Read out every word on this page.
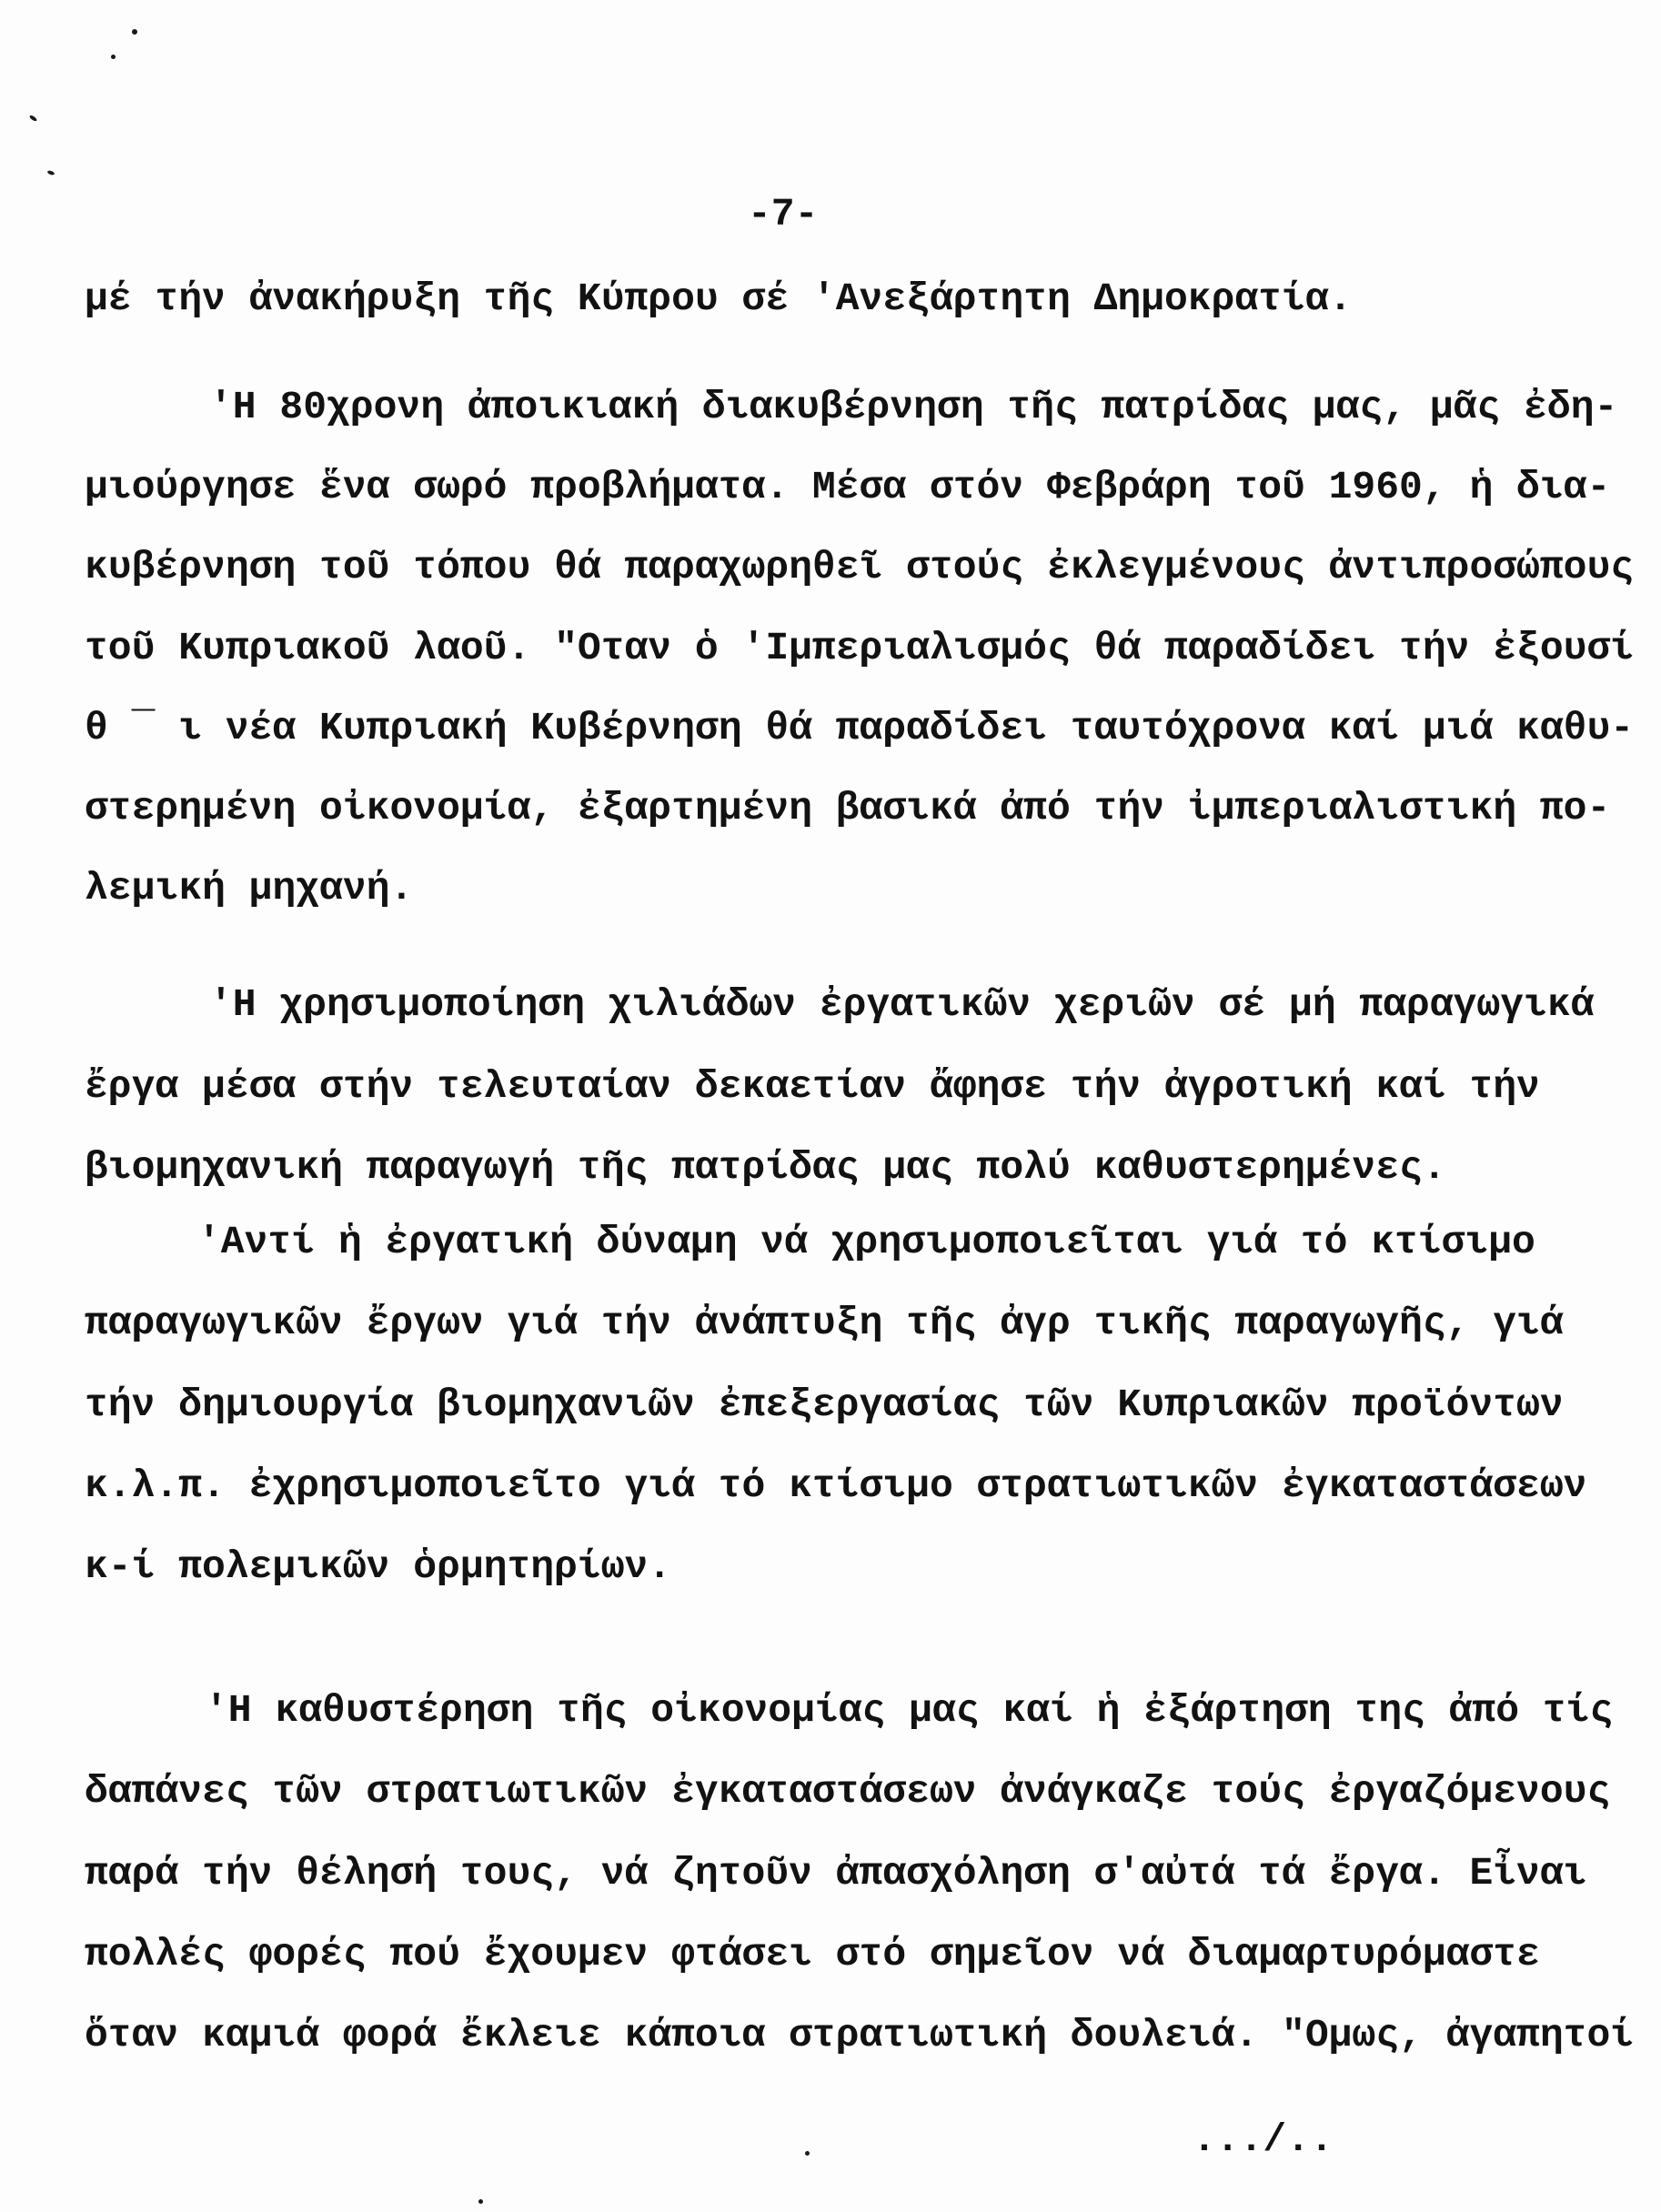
-7-
μέ τήν ἀνακήρυξη τῆς Κύπρου σέ 'Ανεξάρτητη Δημοκρατία.
'Η 80χρονη ἀποικιακή διακυβέρνηση τῆς πατρίδας μας, μᾶς ἐδη-
μιούργησε ἕνα σωρό προβλήματα. Μέσα στόν Φεβράρη τοῦ 1960, ἡ δια-
κυβέρνηση τοῦ τόπου θά παραχωρηθεῖ στούς ἐκλεγμένους ἀντιπροσώπους
τοῦ Κυπριακοῦ λαοῦ. "Οταν ὁ 'Ιμπεριαλισμός θά παραδίδει τήν ἐξουσί
θ ¯ ι νέα Κυπριακή Κυβέρνηση θά παραδίδει ταυτόχρονα καί μιά καθυ-
στερημένη οἰκονομία, ἐξαρτημένη βασικά ἀπό τήν ἰμπεριαλιστική πο-
λεμική μηχανή.
'Η χρησιμοποίηση χιλιάδων ἐργατικῶν χεριῶν σέ μή παραγωγικά
ἔργα μέσα στήν τελευταίαν δεκαετίαν ἄφησε τήν ἀγροτική καί τήν
βιομηχανική παραγωγή τῆς πατρίδας μας πολύ καθυστερημένες.
'Αντί ἡ ἐργατική δύναμη νά χρησιμοποιεῖται γιά τό κτίσιμο
παραγωγικῶν ἔργων γιά τήν ἀνάπτυξη τῆς ἀγρ τικῆς παραγωγῆς, γιά
τήν δημιουργία βιομηχανιῶν ἐπεξεργασίας τῶν Κυπριακῶν προϊόντων
κ.λ.π. ἐχρησιμοποιεῖτο γιά τό κτίσιμο στρατιωτικῶν ἐγκαταστάσεων
κ-ί πολεμικῶν ὁρμητηρίων.
'Η καθυστέρηση τῆς οἰκονομίας μας καί ἡ ἐξάρτηση της ἀπό τίς
δαπάνες τῶν στρατιωτικῶν ἐγκαταστάσεων ἀνάγκαζε τούς ἐργαζόμενους
παρά τήν θέλησή τους, νά ζητοῦν ἀπασχόληση σ'αὐτά τά ἔργα. Εἶναι
πολλές φορές πού ἔχουμεν φτάσει στό σημεῖον νά διαμαρτυρόμαστε
ὅταν καμιά φορά ἔκλειε κάποια στρατιωτική δουλειά. "Ομως, ἀγαπητοί
.../..
